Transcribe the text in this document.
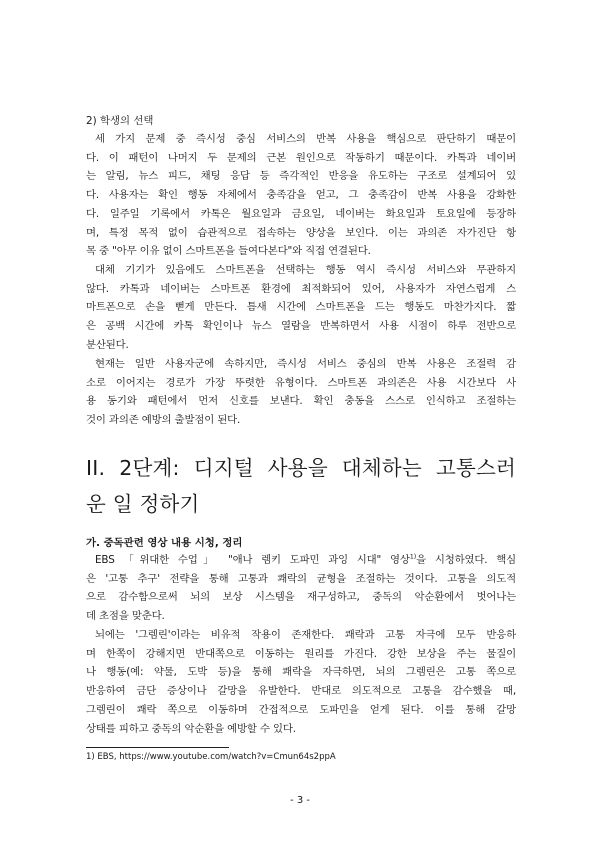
2) 학생의 선택
세 가지 문제 중 즉시성 중심 서비스의 반복 사용을 핵심으로 판단하기 때문이
다. 이 패턴이 나머지 두 문제의 근본 원인으로 작동하기 때문이다. 카톡과 네이버
는 알림, 뉴스 피드, 채팅 응답 등 즉각적인 반응을 유도하는 구조로 설계되어 있
다. 사용자는 확인 행동 자체에서 충족감을 얻고, 그 충족감이 반복 사용을 강화한
다. 일주일 기록에서 카톡은 월요일과 금요일, 네이버는 화요일과 토요일에 등장하
며, 특정 목적 없이 습관적으로 접속하는 양상을 보인다. 이는 과의존 자가진단 항
목 중 "아무 이유 없이 스마트폰을 들여다본다"와 직접 연결된다.
대체 기기가 있음에도 스마트폰을 선택하는 행동 역시 즉시성 서비스와 무관하지
않다. 카톡과 네이버는 스마트폰 환경에 최적화되어 있어, 사용자가 자연스럽게 스
마트폰으로 손을 뻗게 만든다. 틈새 시간에 스마트폰을 드는 행동도 마찬가지다. 짧
은 공백 시간에 카톡 확인이나 뉴스 열람을 반복하면서 사용 시점이 하루 전반으로
분산된다.
현재는 일반 사용자군에 속하지만, 즉시성 서비스 중심의 반복 사용은 조절력 감
소로 이어지는 경로가 가장 뚜렷한 유형이다. 스마트폰 과의존은 사용 시간보다 사
용 동기와 패턴에서 먼저 신호를 보낸다. 확인 충동을 스스로 인식하고 조절하는
것이 과의존 예방의 출발점이 된다.
II. 2단계: 디지털 사용을 대체하는 고통스러
운 일 정하기
가. 중독관련 영상 내용 시청, 정리
EBS 「위대한 수업」 "애나 렘키 도파민 과잉 시대" 영상$^{1)}$을 시청하였다. 핵심
은 '고통 추구' 전략을 통해 고통과 쾌락의 균형을 조절하는 것이다. 고통을 의도적
으로 감수함으로써 뇌의 보상 시스템을 재구성하고, 중독의 악순환에서 벗어나는
데 초점을 맞춘다.
뇌에는 '그렘린'이라는 비유적 작용이 존재한다. 쾌락과 고통 자극에 모두 반응하
며 한쪽이 강해지면 반대쪽으로 이동하는 원리를 가진다. 강한 보상을 주는 물질이
나 행동(예: 약물, 도박 등)을 통해 쾌락을 자극하면, 뇌의 그렘린은 고통 쪽으로
반응하여 금단 증상이나 갈망을 유발한다. 반대로 의도적으로 고통을 감수했을 때,
그렘린이 쾌락 쪽으로 이동하며 간접적으로 도파민을 얻게 된다. 이를 통해 갈망
상태를 피하고 중독의 악순환을 예방할 수 있다.
1) EBS, https://www.youtube.com/watch?v=Cmun64s2ppA
- 3 -
